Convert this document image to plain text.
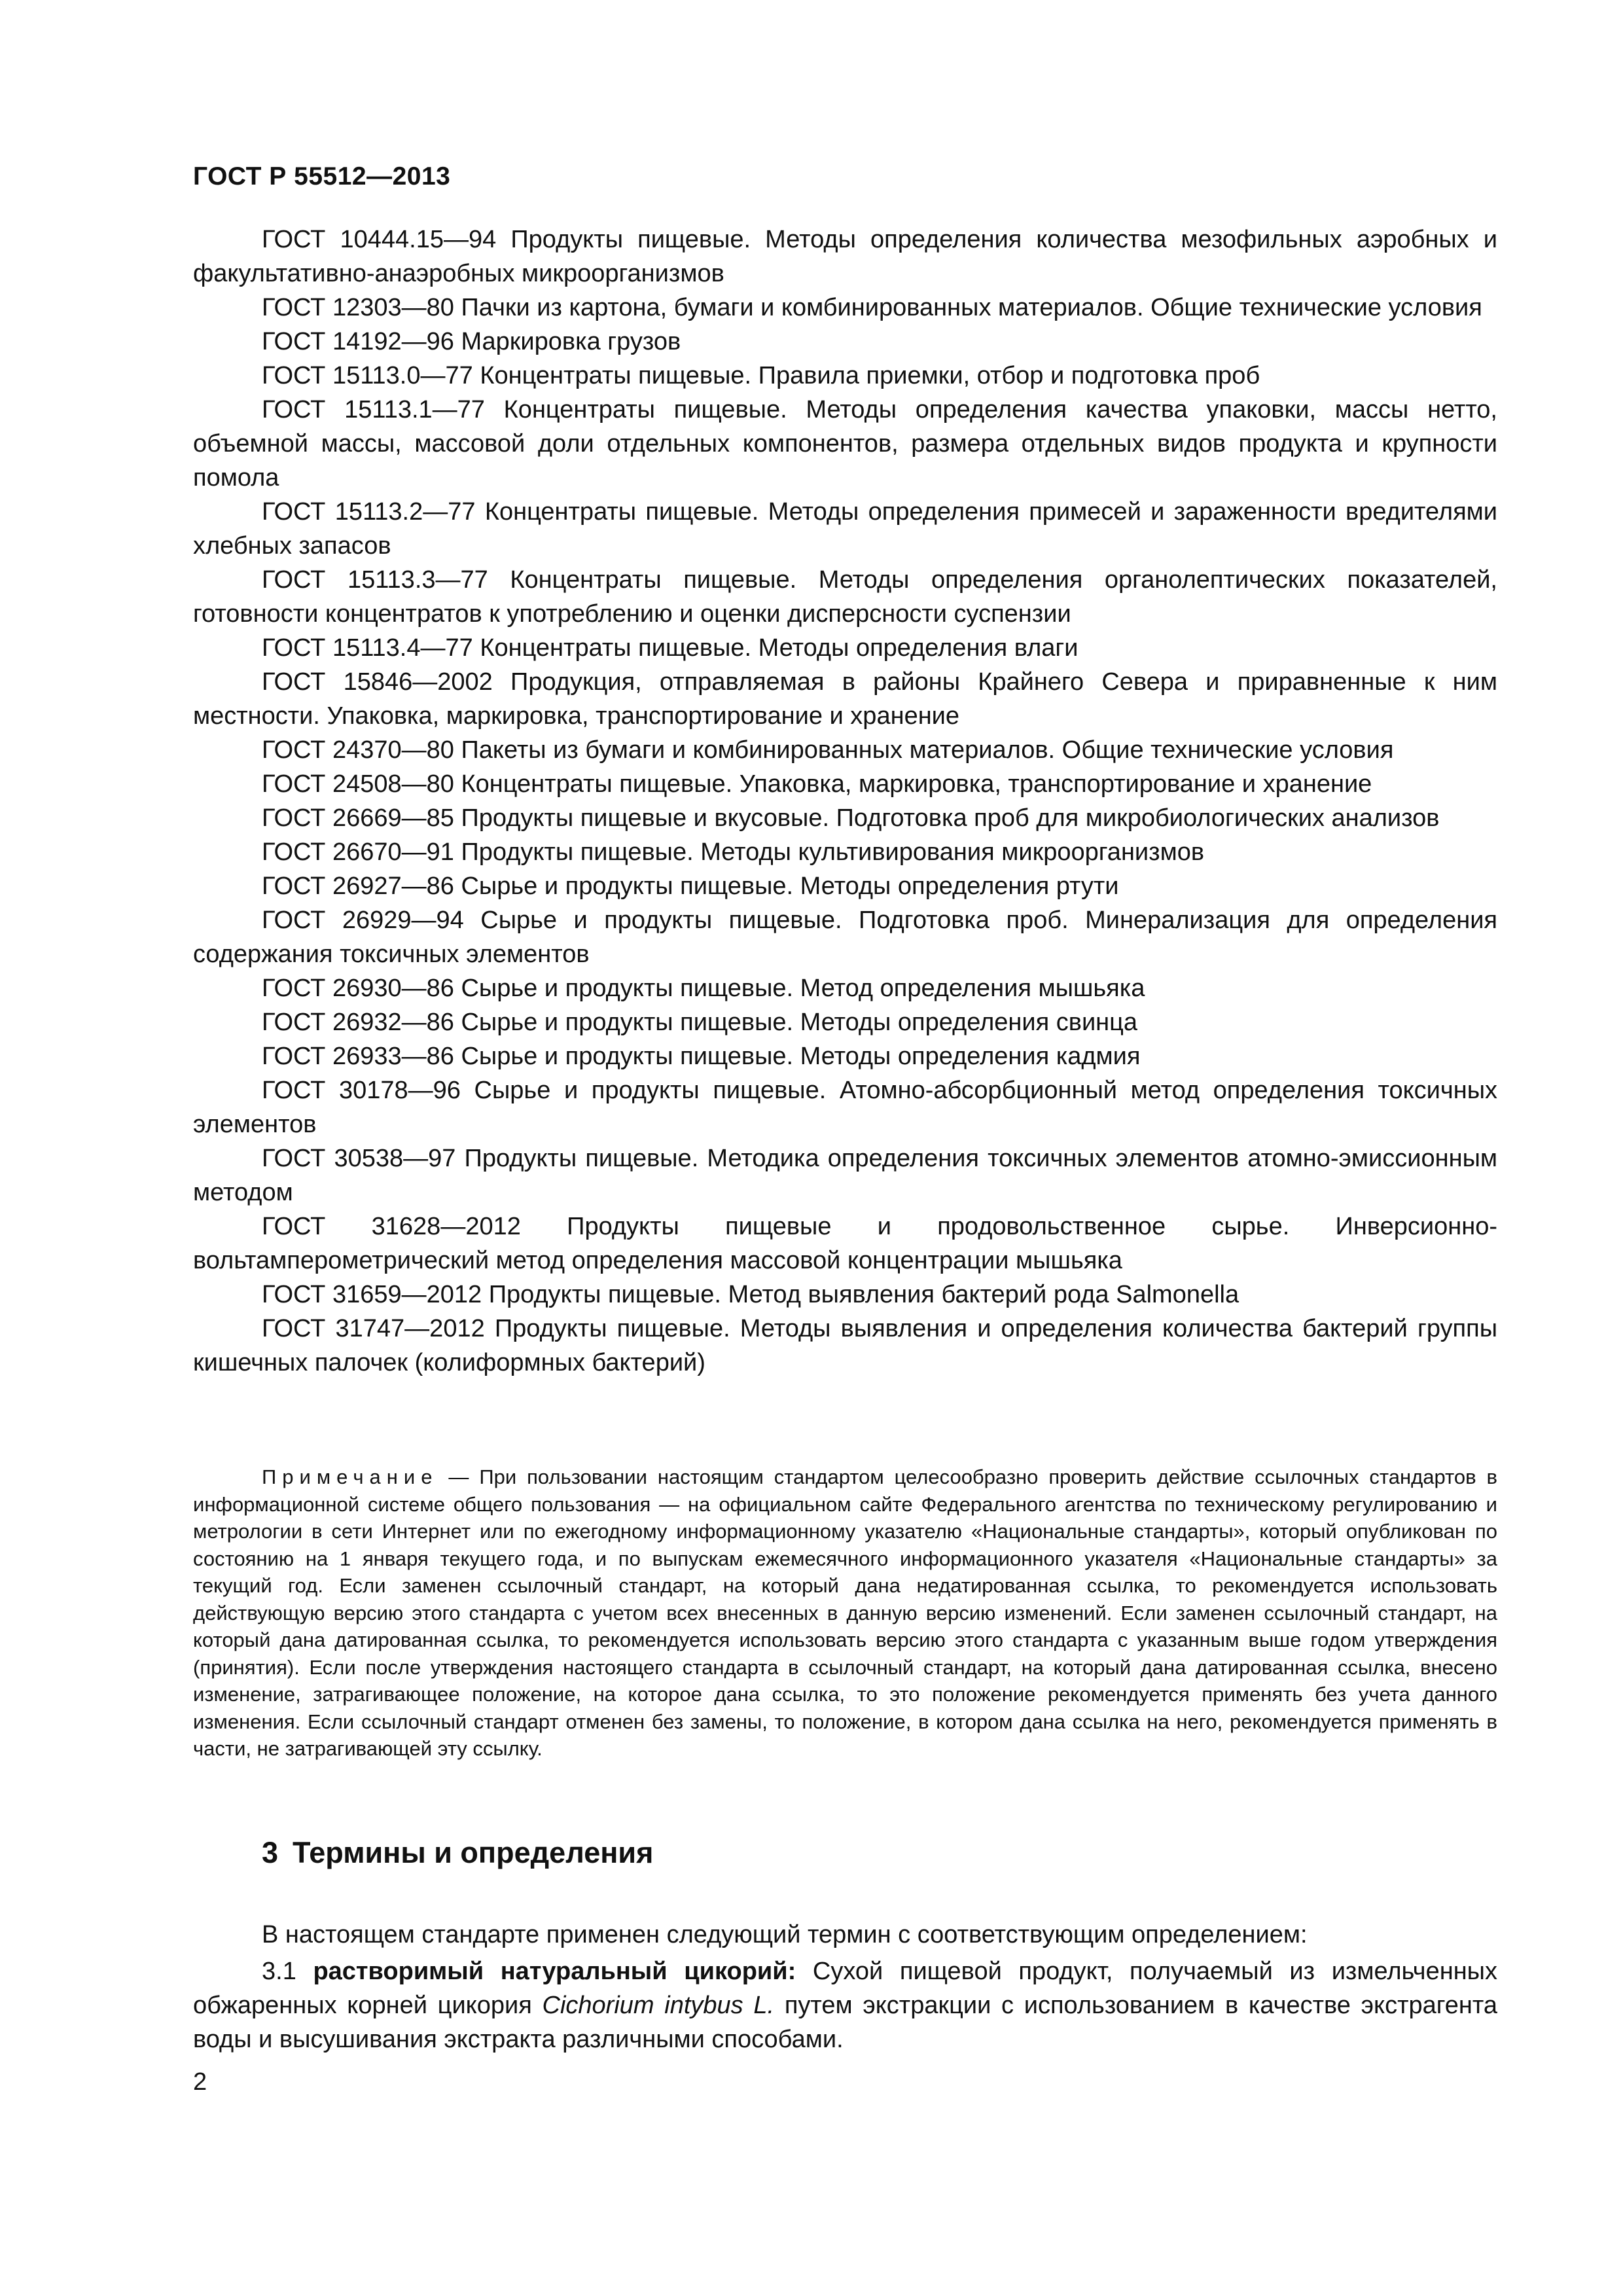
ГОСТ Р 55512—2013

ГОСТ 10444.15—94 Продукты пищевые. Методы определения количества мезофильных аэробных и факультативно-анаэробных микроорганизмов

ГОСТ 12303—80 Пачки из картона, бумаги и комбинированных материалов. Общие технические условия

ГОСТ 14192—96 Маркировка грузов

ГОСТ 15113.0—77 Концентраты пищевые. Правила приемки, отбор и подготовка проб

ГОСТ 15113.1—77 Концентраты пищевые. Методы определения качества упаковки, массы нетто, объемной массы, массовой доли отдельных компонентов, размера отдельных видов продукта и крупности помола

ГОСТ 15113.2—77 Концентраты пищевые. Методы определения примесей и зараженности вредителями хлебных запасов

ГОСТ 15113.3—77 Концентраты пищевые. Методы определения органолептических показателей, готовности концентратов к употреблению и оценки дисперсности суспензии

ГОСТ 15113.4—77 Концентраты пищевые. Методы определения влаги

ГОСТ 15846—2002 Продукция, отправляемая в районы Крайнего Севера и приравненные к ним местности. Упаковка, маркировка, транспортирование и хранение

ГОСТ 24370—80 Пакеты из бумаги и комбинированных материалов. Общие технические условия

ГОСТ 24508—80 Концентраты пищевые. Упаковка, маркировка, транспортирование и хранение

ГОСТ 26669—85 Продукты пищевые и вкусовые. Подготовка проб для микробиологических анализов

ГОСТ 26670—91 Продукты пищевые. Методы культивирования микроорганизмов

ГОСТ 26927—86 Сырье и продукты пищевые. Методы определения ртути

ГОСТ 26929—94 Сырье и продукты пищевые. Подготовка проб. Минерализация для определения содержания токсичных элементов

ГОСТ 26930—86 Сырье и продукты пищевые. Метод определения мышьяка

ГОСТ 26932—86 Сырье и продукты пищевые. Методы определения свинца

ГОСТ 26933—86 Сырье и продукты пищевые. Методы определения кадмия

ГОСТ 30178—96 Сырье и продукты пищевые. Атомно-абсорбционный метод определения токсичных элементов

ГОСТ 30538—97 Продукты пищевые. Методика определения токсичных элементов атомно-эмиссионным методом

ГОСТ 31628—2012 Продукты пищевые и продовольственное сырье. Инверсионно-вольтамперометрический метод определения массовой концентрации мышьяка

ГОСТ 31659—2012 Продукты пищевые. Метод выявления бактерий рода Salmonella

ГОСТ 31747—2012 Продукты пищевые. Методы выявления и определения количества бактерий группы кишечных палочек (колиформных бактерий)

Примечание — При пользовании настоящим стандартом целесообразно проверить действие ссылочных стандартов в информационной системе общего пользования — на официальном сайте Федерального агентства по техническому регулированию и метрологии в сети Интернет или по ежегодному информационному указателю «Национальные стандарты», который опубликован по состоянию на 1 января текущего года, и по выпускам ежемесячного информационного указателя «Национальные стандарты» за текущий год. Если заменен ссылочный стандарт, на который дана недатированная ссылка, то рекомендуется использовать действующую версию этого стандарта с учетом всех внесенных в данную версию изменений. Если заменен ссылочный стандарт, на который дана датированная ссылка, то рекомендуется использовать версию этого стандарта с указанным выше годом утверждения (принятия). Если после утверждения настоящего стандарта в ссылочный стандарт, на который дана датированная ссылка, внесено изменение, затрагивающее положение, на которое дана ссылка, то это положение рекомендуется применять без учета данного изменения. Если ссылочный стандарт отменен без замены, то положение, в котором дана ссылка на него, рекомендуется применять в части, не затрагивающей эту ссылку.

3 Термины и определения

В настоящем стандарте применен следующий термин с соответствующим определением:

3.1 растворимый натуральный цикорий: Сухой пищевой продукт, получаемый из измельченных обжаренных корней цикория Cichorium intybus L. путем экстракции с использованием в качестве экстрагента воды и высушивания экстракта различными способами.

2
